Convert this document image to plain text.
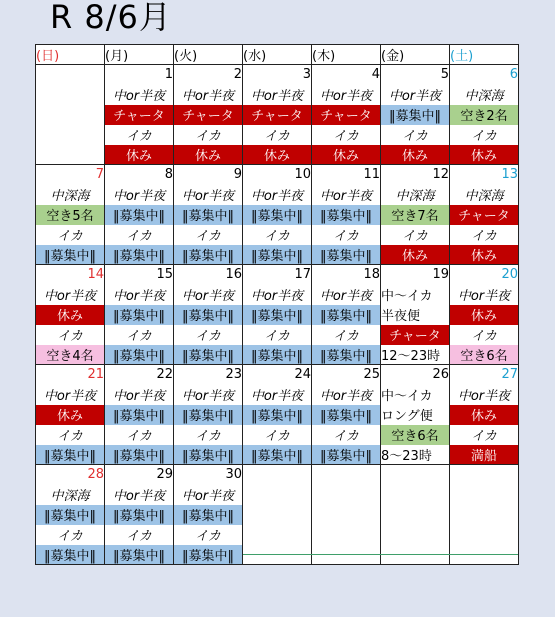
R 8/6月
(日)	(月)	(火)	(水)	(木)	(金)	(土)
	1	2	3	4	5	6
	中or半夜	中or半夜	中or半夜	中or半夜	中or半夜	中深海
	チャータ	チャータ	チャータ	チャータ	‖募集中‖	空き2名
	イカ	イカ	イカ	イカ	イカ	イカ
	休み	休み	休み	休み	休み	休み
7	8	9	10	11	12	13
中深海	中or半夜	中or半夜	中or半夜	中or半夜	中深海	中深海
空き5名	‖募集中‖	‖募集中‖	‖募集中‖	‖募集中‖	空き7名	チャータ
イカ	イカ	イカ	イカ	イカ	イカ	イカ
‖募集中‖	‖募集中‖	‖募集中‖	‖募集中‖	‖募集中‖	休み	休み
14	15	16	17	18	19	20
中or半夜	中or半夜	中or半夜	中or半夜	中or半夜	中～イカ	中or半夜
休み	‖募集中‖	‖募集中‖	‖募集中‖	‖募集中‖	半夜便	休み
イカ	イカ	イカ	イカ	イカ	チャータ	イカ
空き4名	‖募集中‖	‖募集中‖	‖募集中‖	‖募集中‖	12～23時	空き6名
21	22	23	24	25	26	27
中or半夜	中or半夜	中or半夜	中or半夜	中or半夜	中～イカ	中or半夜
休み	‖募集中‖	‖募集中‖	‖募集中‖	‖募集中‖	ロング便	休み
イカ	イカ	イカ	イカ	イカ	空き6名	イカ
‖募集中‖	‖募集中‖	‖募集中‖	‖募集中‖	‖募集中‖	8～23時	満船
28	29	30				
中深海	中or半夜	中or半夜				
‖募集中‖	‖募集中‖	‖募集中‖				
イカ	イカ	イカ				
‖募集中‖	‖募集中‖	‖募集中‖				
